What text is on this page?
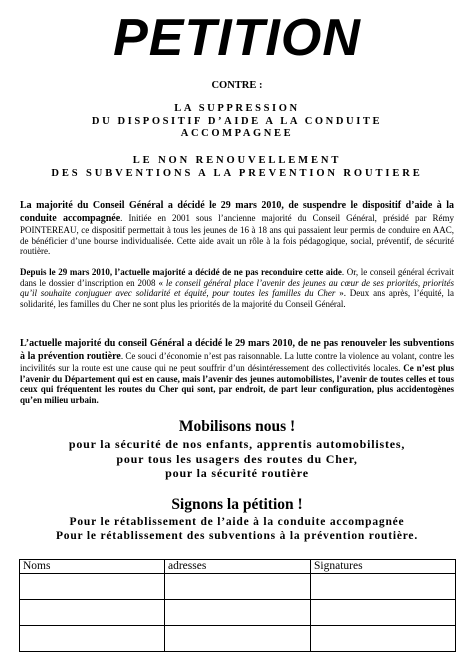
PETITION
CONTRE :
LA SUPPRESSION
DU DISPOSITIF D’AIDE A LA CONDUITE
ACCOMPAGNEE
LE NON RENOUVELLEMENT
DES SUBVENTIONS A LA PREVENTION ROUTIERE

La majorité du Conseil Général a décidé le 29 mars 2010, de suspendre le dispositif d’aide à la conduite accompagnée. Initiée en 2001 sous l’ancienne majorité du Conseil Général, présidé par Rémy POINTEREAU, ce dispositif permettait à tous les jeunes de 16 à 18 ans qui passaient leur permis de conduire en AAC, de bénéficier d’une bourse individualisée. Cette aide avait un rôle à la fois pédagogique, social, préventif, de sécurité routière.

Depuis le 29 mars 2010, l’actuelle majorité a décidé de ne pas reconduire cette aide. Or, le conseil général écrivait dans le dossier d’inscription en 2008 « le conseil général place l’avenir des jeunes au cœur de ses priorités, priorités qu’il souhaite conjuguer avec solidarité et équité, pour toutes les familles du Cher ». Deux ans après, l’équité, la solidarité, les familles du Cher ne sont plus les priorités de la majorité du Conseil Général.

L’actuelle majorité du conseil Général a décidé le 29 mars 2010, de ne pas renouveler les subventions à la prévention routière. Ce souci d’économie n’est pas raisonnable. La lutte contre la violence au volant, contre les incivilités sur la route est une cause qui ne peut souffrir d’un désintéressement des collectivités locales. Ce n’est plus l’avenir du Département qui est en cause, mais l’avenir des jeunes automobilistes, l’avenir de toutes celles et tous ceux qui fréquentent les routes du Cher qui sont, par endroit, de part leur configuration, plus accidentogènes qu’en milieu urbain.

Mobilisons nous !
pour la sécurité de nos enfants, apprentis automobilistes,
pour tous les usagers des routes du Cher,
pour la sécurité routière
Signons la pétition !
Pour le rétablissement de l’aide à la conduite accompagnée
Pour le rétablissement des subventions à la prévention routière.
Noms	adresses	Signatures
